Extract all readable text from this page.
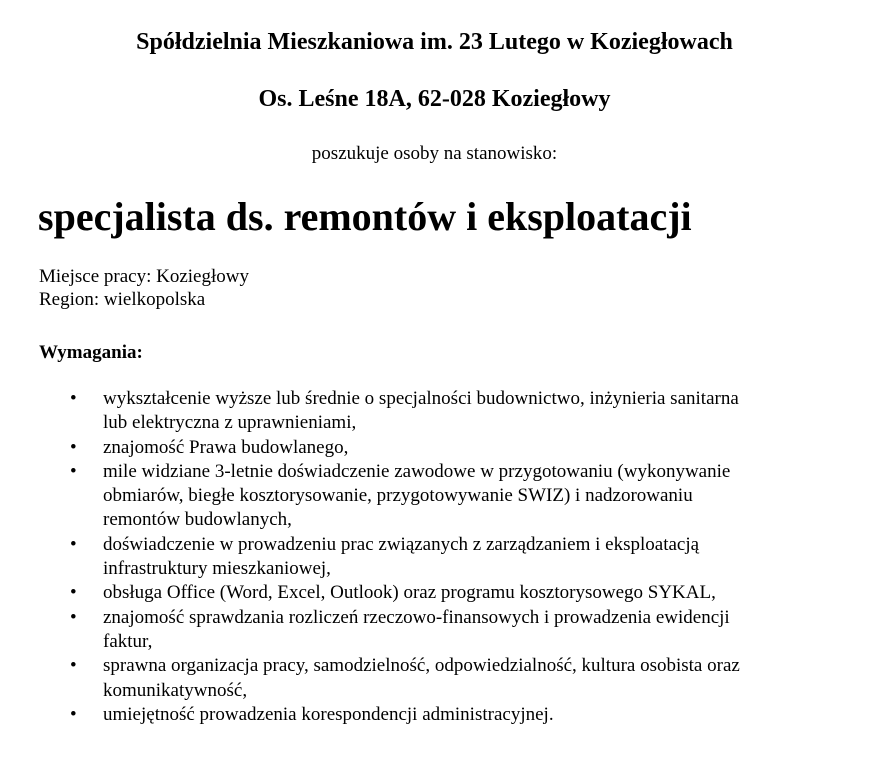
Spółdzielnia Mieszkaniowa im. 23 Lutego w Koziegłowach
Os. Leśne 18A, 62-028 Koziegłowy

poszukuje osoby na stanowisko:

specjalista ds. remontów i eksploatacji
Miejsce pracy: Koziegłowy
Region: wielkopolska
Wymagania:
• wykształcenie wyższe lub średnie o specjalności budownictwo, inżynieria sanitarna
lub elektryczna z uprawnieniami,
• znajomość Prawa budowlanego,
• mile widziane 3-letnie doświadczenie zawodowe w przygotowaniu (wykonywanie
obmiarów, biegłe kosztorysowanie, przygotowywanie SWIZ) i nadzorowaniu
remontów budowlanych,
• doświadczenie w prowadzeniu prac związanych z zarządzaniem i eksploatacją
infrastruktury mieszkaniowej,
• obsługa Office (Word, Excel, Outlook) oraz programu kosztorysowego SYKAL,
• znajomość sprawdzania rozliczeń rzeczowo-finansowych i prowadzenia ewidencji
faktur,
• sprawna organizacja pracy, samodzielność, odpowiedzialność, kultura osobista oraz
komunikatywność,
• umiejętność prowadzenia korespondencji administracyjnej.
